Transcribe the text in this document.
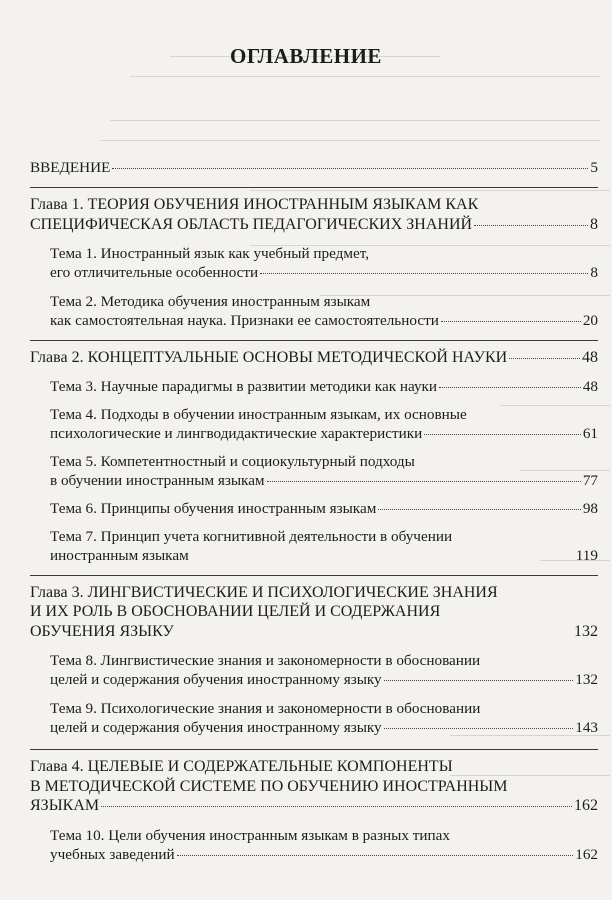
ОГЛАВЛЕНИЕ
ВВЕДЕНИЕ	5
Глава 1. ТЕОРИЯ ОБУЧЕНИЯ ИНОСТРАННЫМ ЯЗЫКАМ КАК
СПЕЦИФИЧЕСКАЯ ОБЛАСТЬ ПЕДАГОГИЧЕСКИХ ЗНАНИЙ	8
Тема 1. Иностранный язык как учебный предмет,
его отличительные особенности	8
Тема 2. Методика обучения иностранным языкам
как самостоятельная наука. Признаки ее самостоятельности	20
Глава 2. КОНЦЕПТУАЛЬНЫЕ ОСНОВЫ МЕТОДИЧЕСКОЙ НАУКИ	48
Тема 3. Научные парадигмы в развитии методики как науки	48
Тема 4. Подходы в обучении иностранным языкам, их основные
психологические и лингводидактические характеристики	61
Тема 5. Компетентностный и социокультурный подходы
в обучении иностранным языкам	77
Тема 6. Принципы обучения иностранным языкам	98
Тема 7. Принцип учета когнитивной деятельности в обучении
иностранным языкам	119
Глава 3. ЛИНГВИСТИЧЕСКИЕ И ПСИХОЛОГИЧЕСКИЕ ЗНАНИЯ
И ИХ РОЛЬ В ОБОСНОВАНИИ ЦЕЛЕЙ И СОДЕРЖАНИЯ
ОБУЧЕНИЯ ЯЗЫКУ	132
Тема 8. Лингвистические знания и закономерности в обосновании
целей и содержания обучения иностранному языку	132
Тема 9. Психологические знания и закономерности в обосновании
целей и содержания обучения иностранному языку	143
Глава 4. ЦЕЛЕВЫЕ И СОДЕРЖАТЕЛЬНЫЕ КОМПОНЕНТЫ
В МЕТОДИЧЕСКОЙ СИСТЕМЕ ПО ОБУЧЕНИЮ ИНОСТРАННЫМ
ЯЗЫКАМ	162
Тема 10. Цели обучения иностранным языкам в разных типах
учебных заведений	162
